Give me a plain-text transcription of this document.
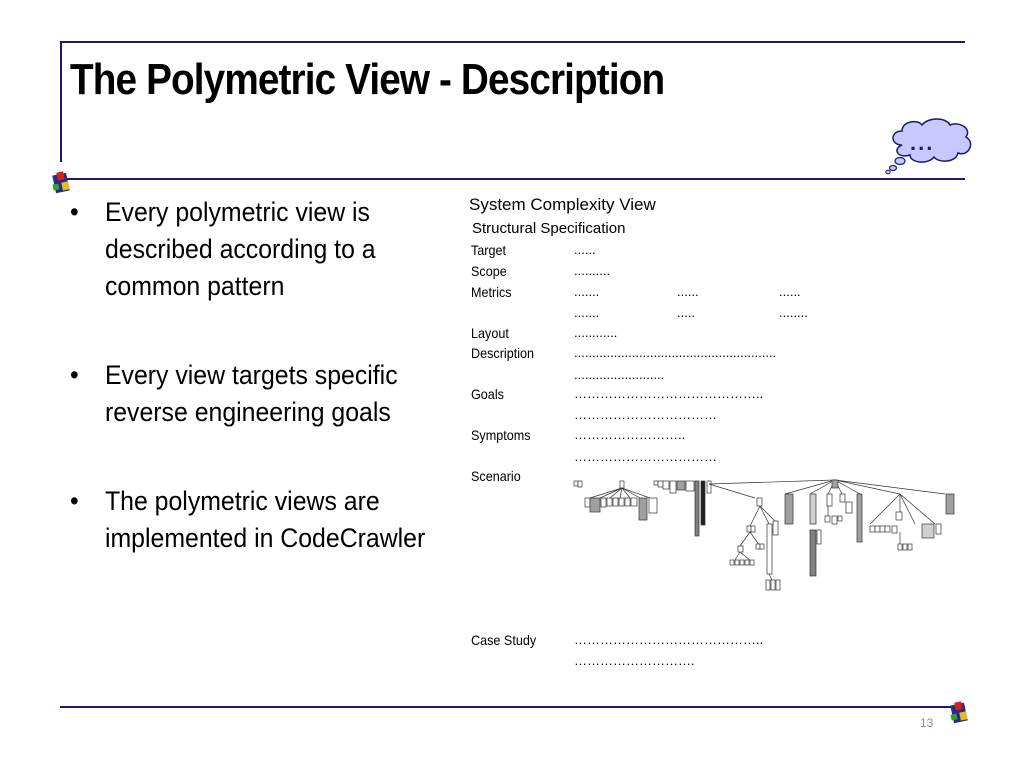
The Polymetric View - Description
...
• Every polymetric view is described according to a common pattern
• Every view targets specific reverse engineering goals
• The polymetric views are implemented in CodeCrawler
System Complexity View
Structural Specification
Target	......
Scope	..........
Metrics	.......	......	......
.......	.....	........
Layout	............
Description	........................................................
.........................
Goals	……………………………………..
……………………………
Symptoms	……………………..
……………………………
Scenario
Case Study	……………………………………..
……………………….
13
